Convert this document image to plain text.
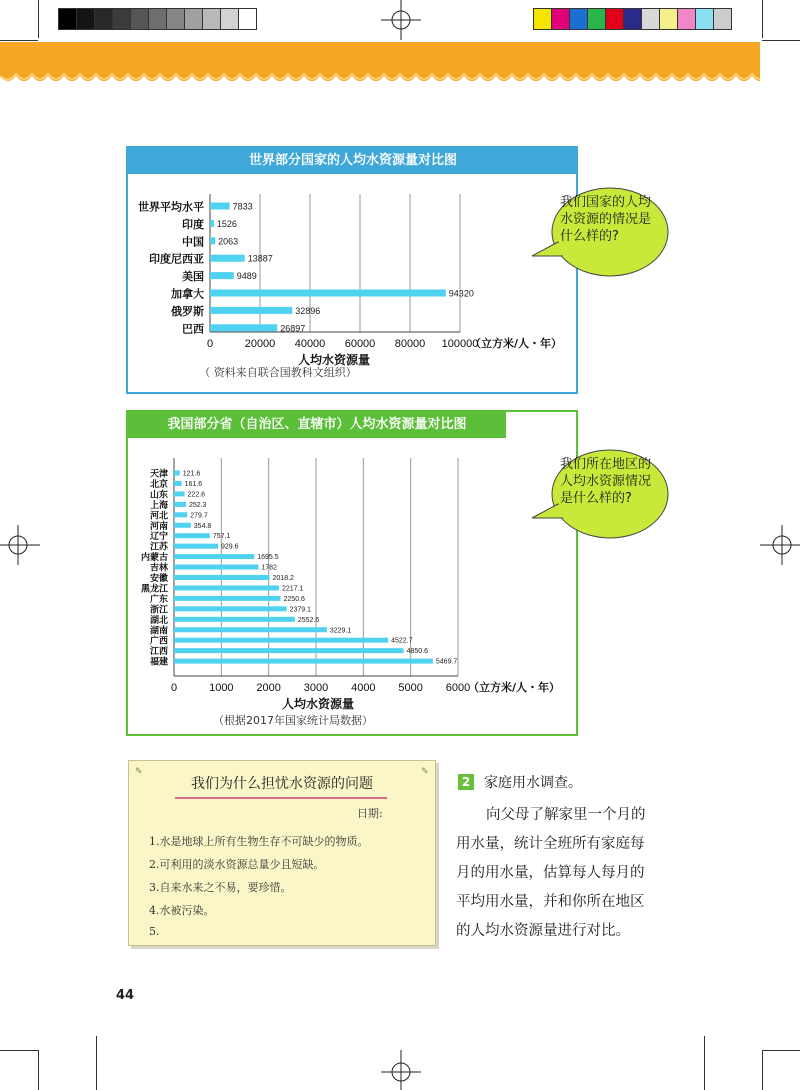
世界部分国家的人均水资源量对比图
0	20000 40000 60000 80000 100000
世界平均水平	7833
印度 1526
中国 2063
印度尼西亚	13887
美国	9489
加拿大	94320
俄罗斯	32896
巴西	26897
（立方米/人・年）
人均水资源量
（ 资料来自联合国教科文组织）
我们国家的人均
水资源的情况是
什么样的?
我国部分省（自治区、直辖市）人均水资源量对比图
0	1000 2000 3000 4000 5000 6000
天津 121.6
北京 161.6
山东	222.6
上海	252.3
河北	279.7
河南	354.8
辽宁	757.1
江苏	929.6
内蒙古	1695.5
吉林	1782
安徽	2018.2
黑龙江	2217.1
广东	2250.6
浙江	2379.1
湖北	2552.6
湖南	3229.1
广西	4522.7
江西	4850.6
福建	5469.7
（立方米/人・年）
人均水资源量
（根据2017年国家统计局数据）
我们所在地区的
人均水资源情况
是什么样的?
✎	✎
我们为什么担忧水资源的问题
日期:
1.水是地球上所有生物生存不可缺少的物质。
2.可利用的淡水资源总量少且短缺。
3.自来水来之不易，要珍惜。
4.水被污染。
5.
2 家庭用水调查。

向父母了解家里一个月的

用水量，统计全班所有家庭每

月的用水量，估算每人每月的

平均用水量，并和你所在地区

的人均水资源量进行对比。

44
